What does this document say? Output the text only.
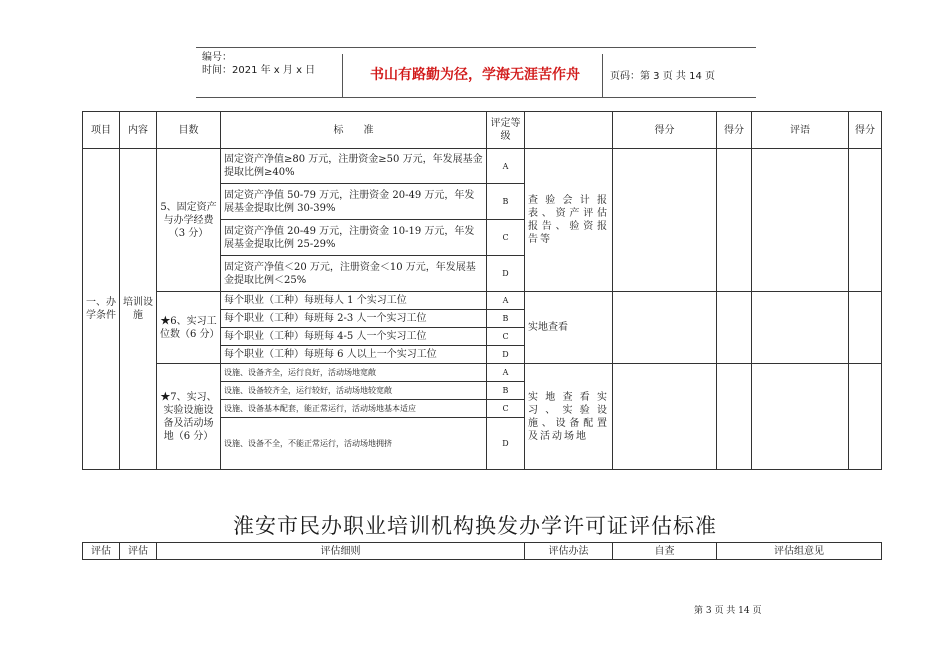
编号：
时间：2021 年 x 月 x 日	书山有路勤为径，学海无涯苦作舟	页码：第 3 页 共 14 页
项目	内容	目数	标　　准	评定等级		得分	得分	评语	得分
一、办学条件	培训设施	5、固定资产与办学经费（3 分）	固定资产净值≥80 万元，注册资金≥50 万元，年发展基金提取比例≥40%	A	查验会计报表、资产评估报告、验资报告等				
			固定资产净值 50-79 万元，注册资金 20-49 万元，年发展基金提取比例 30-39%	B					
			固定资产净值 20-49 万元，注册资金 10-19 万元，年发展基金提取比例 25-29%	C					
			固定资产净值＜20 万元，注册资金＜10 万元，年发展基金提取比例＜25%	D					
		★6、实习工位数（6 分）	每个职业（工种）每班每人 1 个实习工位	A	实地查看				
			每个职业（工种）每班每 2-3 人一个实习工位	B					
			每个职业（工种）每班每 4-5 人一个实习工位	C					
			每个职业（工种）每班每 6 人以上一个实习工位	D					
		★7、实习、实验设施设备及活动场地（6 分）	设施、设备齐全，运行良好，活动场地宽敞	A	实地查看实习、实验设施、设备配置及活动场地				
			设施、设备较齐全，运行较好，活动场地较宽敞	B					
			设施、设备基本配套，能正常运行，活动场地基本适应	C					
			设施、设备不全，不能正常运行，活动场地拥挤	D					
淮安市民办职业培训机构换发办学许可证评估标准
评估	评估	评估细则	评估办法	自查	评估组意见
第 3 页 共 14 页
